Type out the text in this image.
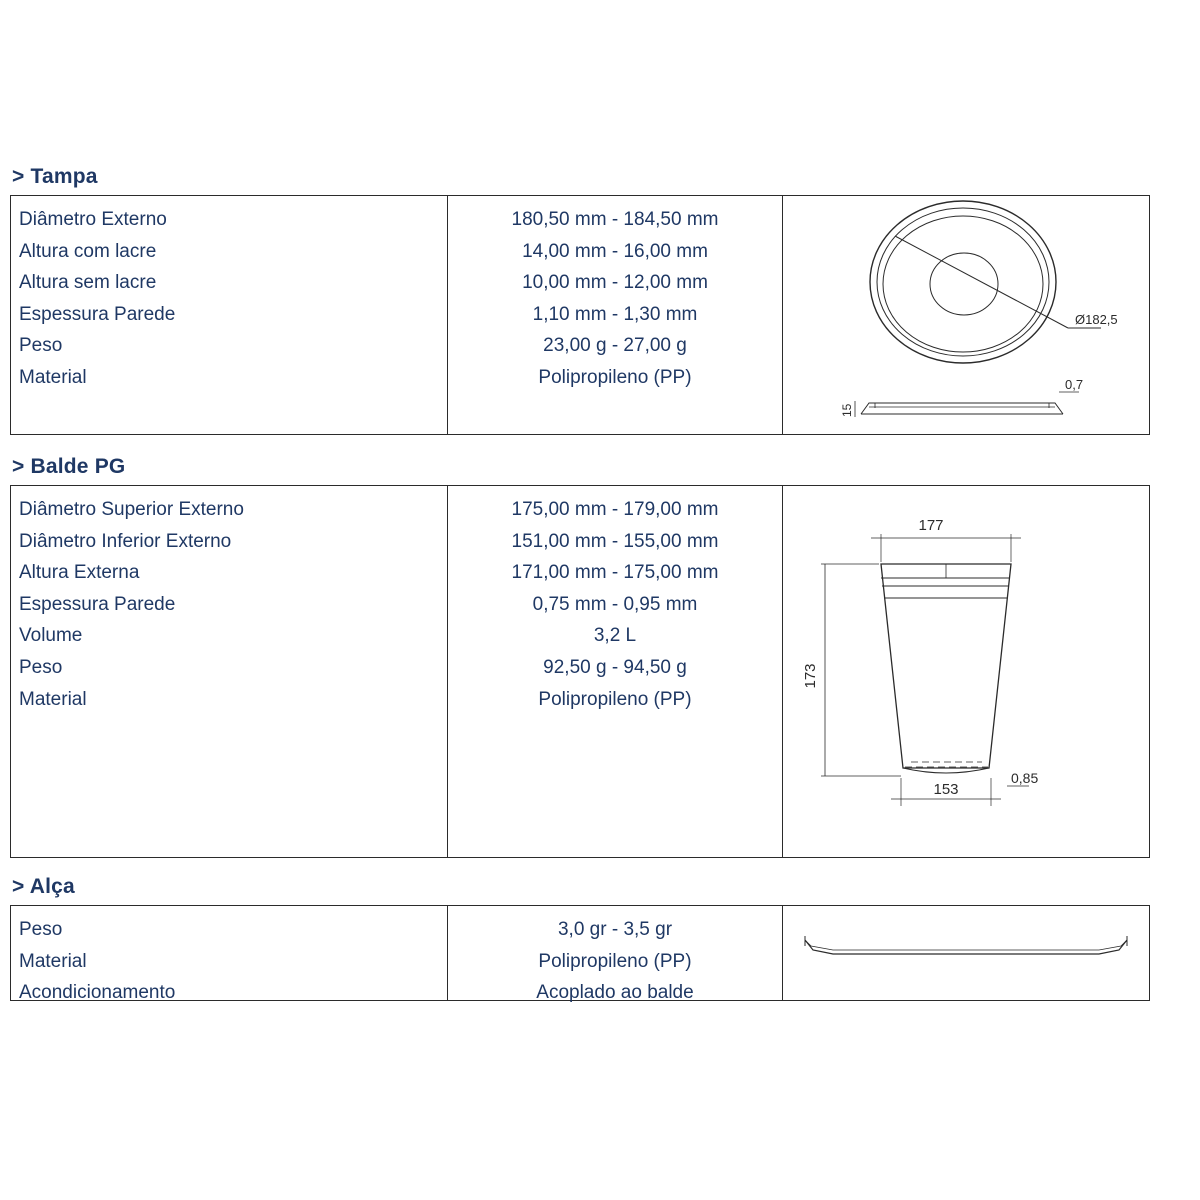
> Tampa
Diâmetro Externo
Altura com lacre
Altura sem lacre
Espessura Parede
Peso
Material
180,50 mm - 184,50 mm
14,00 mm - 16,00 mm
10,00 mm - 12,00 mm
1,10 mm - 1,30 mm
23,00 g - 27,00 g
Polipropileno (PP)
Ø182,5
0,7
15
> Balde PG
Diâmetro Superior Externo
Diâmetro Inferior Externo
Altura Externa
Espessura Parede
Volume
Peso
Material
175,00 mm - 179,00 mm
151,00 mm - 155,00 mm
171,00 mm - 175,00 mm
0,75 mm - 0,95 mm
3,2 L
92,50 g - 94,50 g
Polipropileno (PP)
177
173
153
0,85
> Alça
Peso
Material
Acondicionamento
3,0 gr - 3,5 gr
Polipropileno (PP)
Acoplado ao balde
